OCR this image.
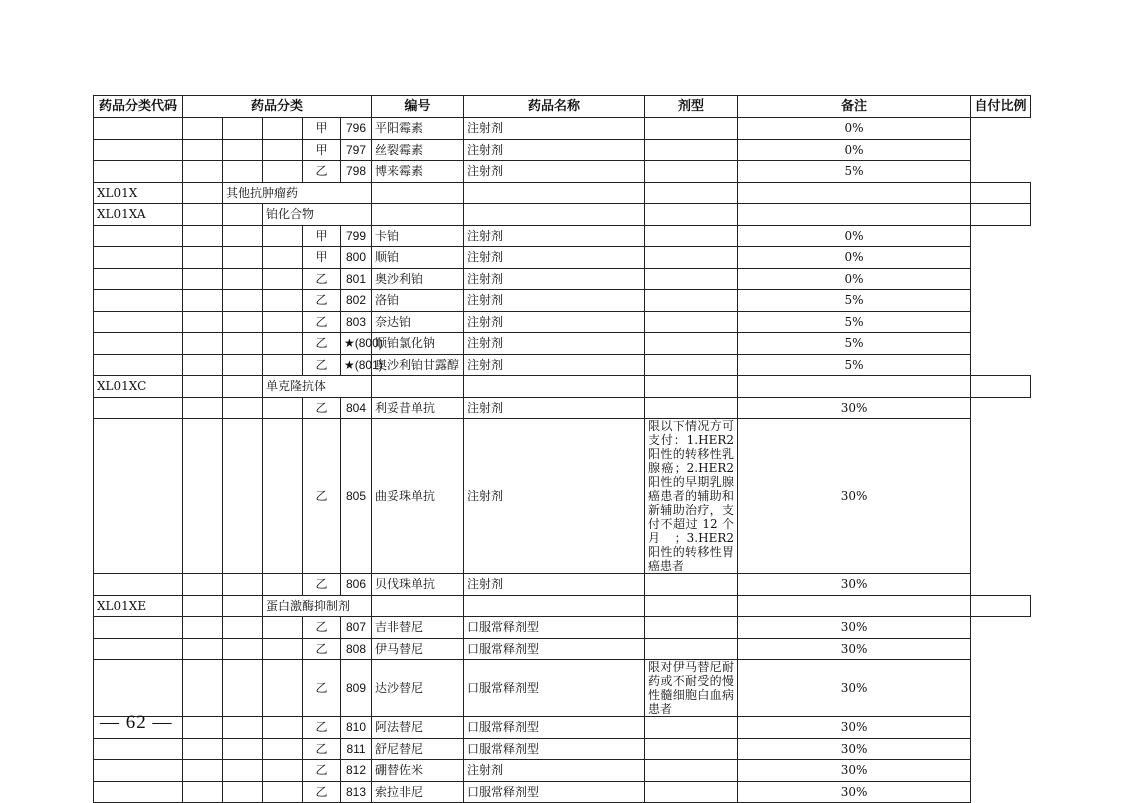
药品分类代码	药品分类					编号	药品名称	剂型	备注	自付比例
				甲	796	平阳霉素	注射剂		0%	
				甲	797	丝裂霉素	注射剂		0%	
				乙	798	博来霉素	注射剂		5%	
XL01X		其他抗肿瘤药								
XL01XA			铂化合物							
				甲	799	卡铂	注射剂		0%	
				甲	800	顺铂	注射剂		0%	
				乙	801	奥沙利铂	注射剂		0%	
				乙	802	洛铂	注射剂		5%	
				乙	803	奈达铂	注射剂		5%	
				乙	★(800)	顺铂氯化钠	注射剂		5%	
				乙	★(801)	奥沙利铂甘露醇	注射剂		5%	
XL01XC			单克隆抗体							
				乙	804	利妥昔单抗	注射剂		30%	
				乙	805	曲妥珠单抗	注射剂	限以下情况方可支付：1.HER2 阳性的转移性乳腺癌；2.HER2 阳性的早期乳腺癌患者的辅助和新辅助治疗，支付不超过 12 个月；3.HER2 阳性的转移性胃癌患者	30%	
				乙	806	贝伐珠单抗	注射剂		30%	
XL01XE			蛋白激酶抑制剂							
				乙	807	吉非替尼	口服常释剂型		30%	
				乙	808	伊马替尼	口服常释剂型		30%	
				乙	809	达沙替尼	口服常释剂型	限对伊马替尼耐药或不耐受的慢性髓细胞白血病患者	30%	
				乙	810	阿法替尼	口服常释剂型		30%	
				乙	811	舒尼替尼	口服常释剂型		30%	
				乙	812	硼替佐米	注射剂		30%	
				乙	813	索拉非尼	口服常释剂型		30%	
— 62 —
